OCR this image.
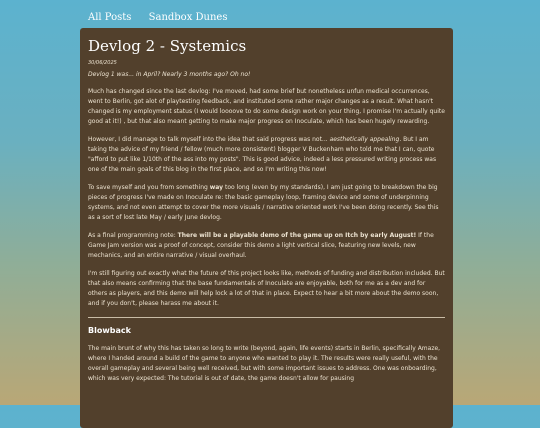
All Posts Sandbox Dunes
Devlog 2 - Systemics
30/06/2025
Devlog 1 was... in April? Nearly 3 months ago? Oh no!

Much has changed since the last devlog: I've moved, had some brief but nonetheless unfun medical occurrences, went to Berlin, got alot of playtesting feedback, and instituted some rather major changes as a result. What hasn't changed is my employment status (I would loooove to do some design work on your thing, I promise I'm actually quite good at it!) , but that also meant getting to make major progress on Inoculate, which has been hugely rewarding.

However, I did manage to talk myself into the idea that said progress was not... aesthetically appealing. But I am taking the advice of my friend / fellow (much more consistent) blogger V Buckenham who told me that I can, quote "afford to put like 1/10th of the ass into my posts". This is good advice, indeed a less pressured writing process was one of the main goals of this blog in the first place, and so I'm writing this now!

To save myself and you from something way too long (even by my standards), I am just going to breakdown the big pieces of progress I've made on Inoculate re: the basic gameplay loop, framing device and some of underpinning systems, and not even attempt to cover the more visuals / narrative oriented work I've been doing recently. See this as a sort of lost late May / early June devlog.

As a final programming note: There will be a playable demo of the game up on Itch by early August! If the Game Jam version was a proof of concept, consider this demo a light vertical slice, featuring new levels, new mechanics, and an entire narrative / visual overhaul.

I'm still figuring out exactly what the future of this project looks like, methods of funding and distribution included. But that also means confirming that the base fundamentals of Inoculate are enjoyable, both for me as a dev and for others as players, and this demo will help lock a lot of that in place. Expect to hear a bit more about the demo soon, and if you don't, please harass me about it.

Blowback

The main brunt of why this has taken so long to write (beyond, again, life events) starts in Berlin, specifically Amaze, where I handed around a build of the game to anyone who wanted to play it. The results were really useful, with the overall gameplay and several being well received, but with some important issues to address. One was onboarding, which was very expected: The tutorial is out of date, the game doesn't allow for pausing
